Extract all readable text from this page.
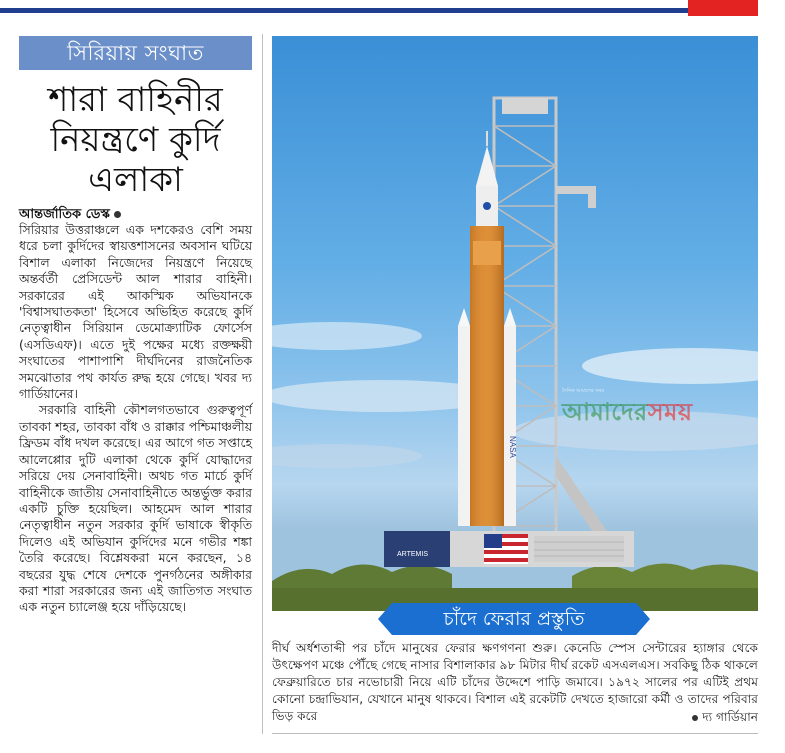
সিরিয়ায় সংঘাত
শারা বাহিনীর
নিয়ন্ত্রণে কুর্দি
এলাকা
আন্তর্জাতিক ডেস্ক

সিরিয়ার উত্তরাঞ্চলে এক দশকেরও বেশি সময় ধরে চলা কুর্দিদের স্বায়ত্তশাসনের অবসান ঘটিয়ে বিশাল এলাকা নিজেদের নিয়ন্ত্রণে নিয়েছে অন্তর্বর্তী প্রেসিডেন্ট আল শারার বাহিনী। সরকারের এই আকস্মিক অভিযানকে 'বিশ্বাসঘাতকতা' হিসেবে অভিহিত করেছে কুর্দি নেতৃত্বাধীন সিরিয়ান ডেমোক্র্যাটিক ফোর্সেস (এসডিএফ)। এতে দুই পক্ষের মধ্যে রক্তক্ষয়ী সংঘাতের পাশাপাশি দীর্ঘদিনের রাজনৈতিক সমঝোতার পথ কার্যত রুদ্ধ হয়ে গেছে। খবর দ্য গার্ডিয়ানের।

সরকারি বাহিনী কৌশলগতভাবে গুরুত্বপূর্ণ তাবকা শহর, তাবকা বাঁধ ও রাক্কার পশ্চিমাঞ্চলীয় ফ্রিডম বাঁধ দখল করেছে। এর আগে গত সপ্তাহে আলেপ্পোর দুটি এলাকা থেকে কুর্দি যোদ্ধাদের সরিয়ে দেয় সেনাবাহিনী। অথচ গত মার্চে কুর্দি বাহিনীকে জাতীয় সেনাবাহিনীতে অন্তর্ভুক্ত করার একটি চুক্তি হয়েছিল। আহমেদ আল শারার নেতৃত্বাধীন নতুন সরকার কুর্দি ভাষাকে স্বীকৃতি দিলেও এই অভিযান কুর্দিদের মনে গভীর শঙ্কা তৈরি করেছে। বিশ্লেষকরা মনে করছেন, ১৪ বছরের যুদ্ধ শেষে দেশকে পুনর্গঠনের অঙ্গীকার করা শারা সরকারের জন্য এই জাতিগত সংঘাত এক নতুন চ্যালেঞ্জ হয়ে দাঁড়িয়েছে।

NASA
ARTEMIS
দৈনিক আমাদের সময়
আমাদেরসময়
চাঁদে ফেরার প্রস্তুতি
দীর্ঘ অর্ধশতাব্দী পর চাঁদে মানুষের ফেরার ক্ষণগণনা শুরু। কেনেডি স্পেস সেন্টারের হ্যাঙ্গার থেকে উৎক্ষেপণ মঞ্চে পৌঁছে গেছে নাসার বিশালাকার ৯৮ মিটার দীর্ঘ রকেট এসএলএস। সবকিছু ঠিক থাকলে ফেব্রুয়ারিতে চার নভোচারী নিয়ে এটি চাঁদের উদ্দেশে পাড়ি জমাবে। ১৯৭২ সালের পর এটিই প্রথম কোনো চন্দ্রাভিযান, যেখানে মানুষ থাকবে। বিশাল এই রকেটটি দেখতে হাজারো কর্মী ও তাদের পরিবার ভিড় করে	দ্য গার্ডিয়ান
